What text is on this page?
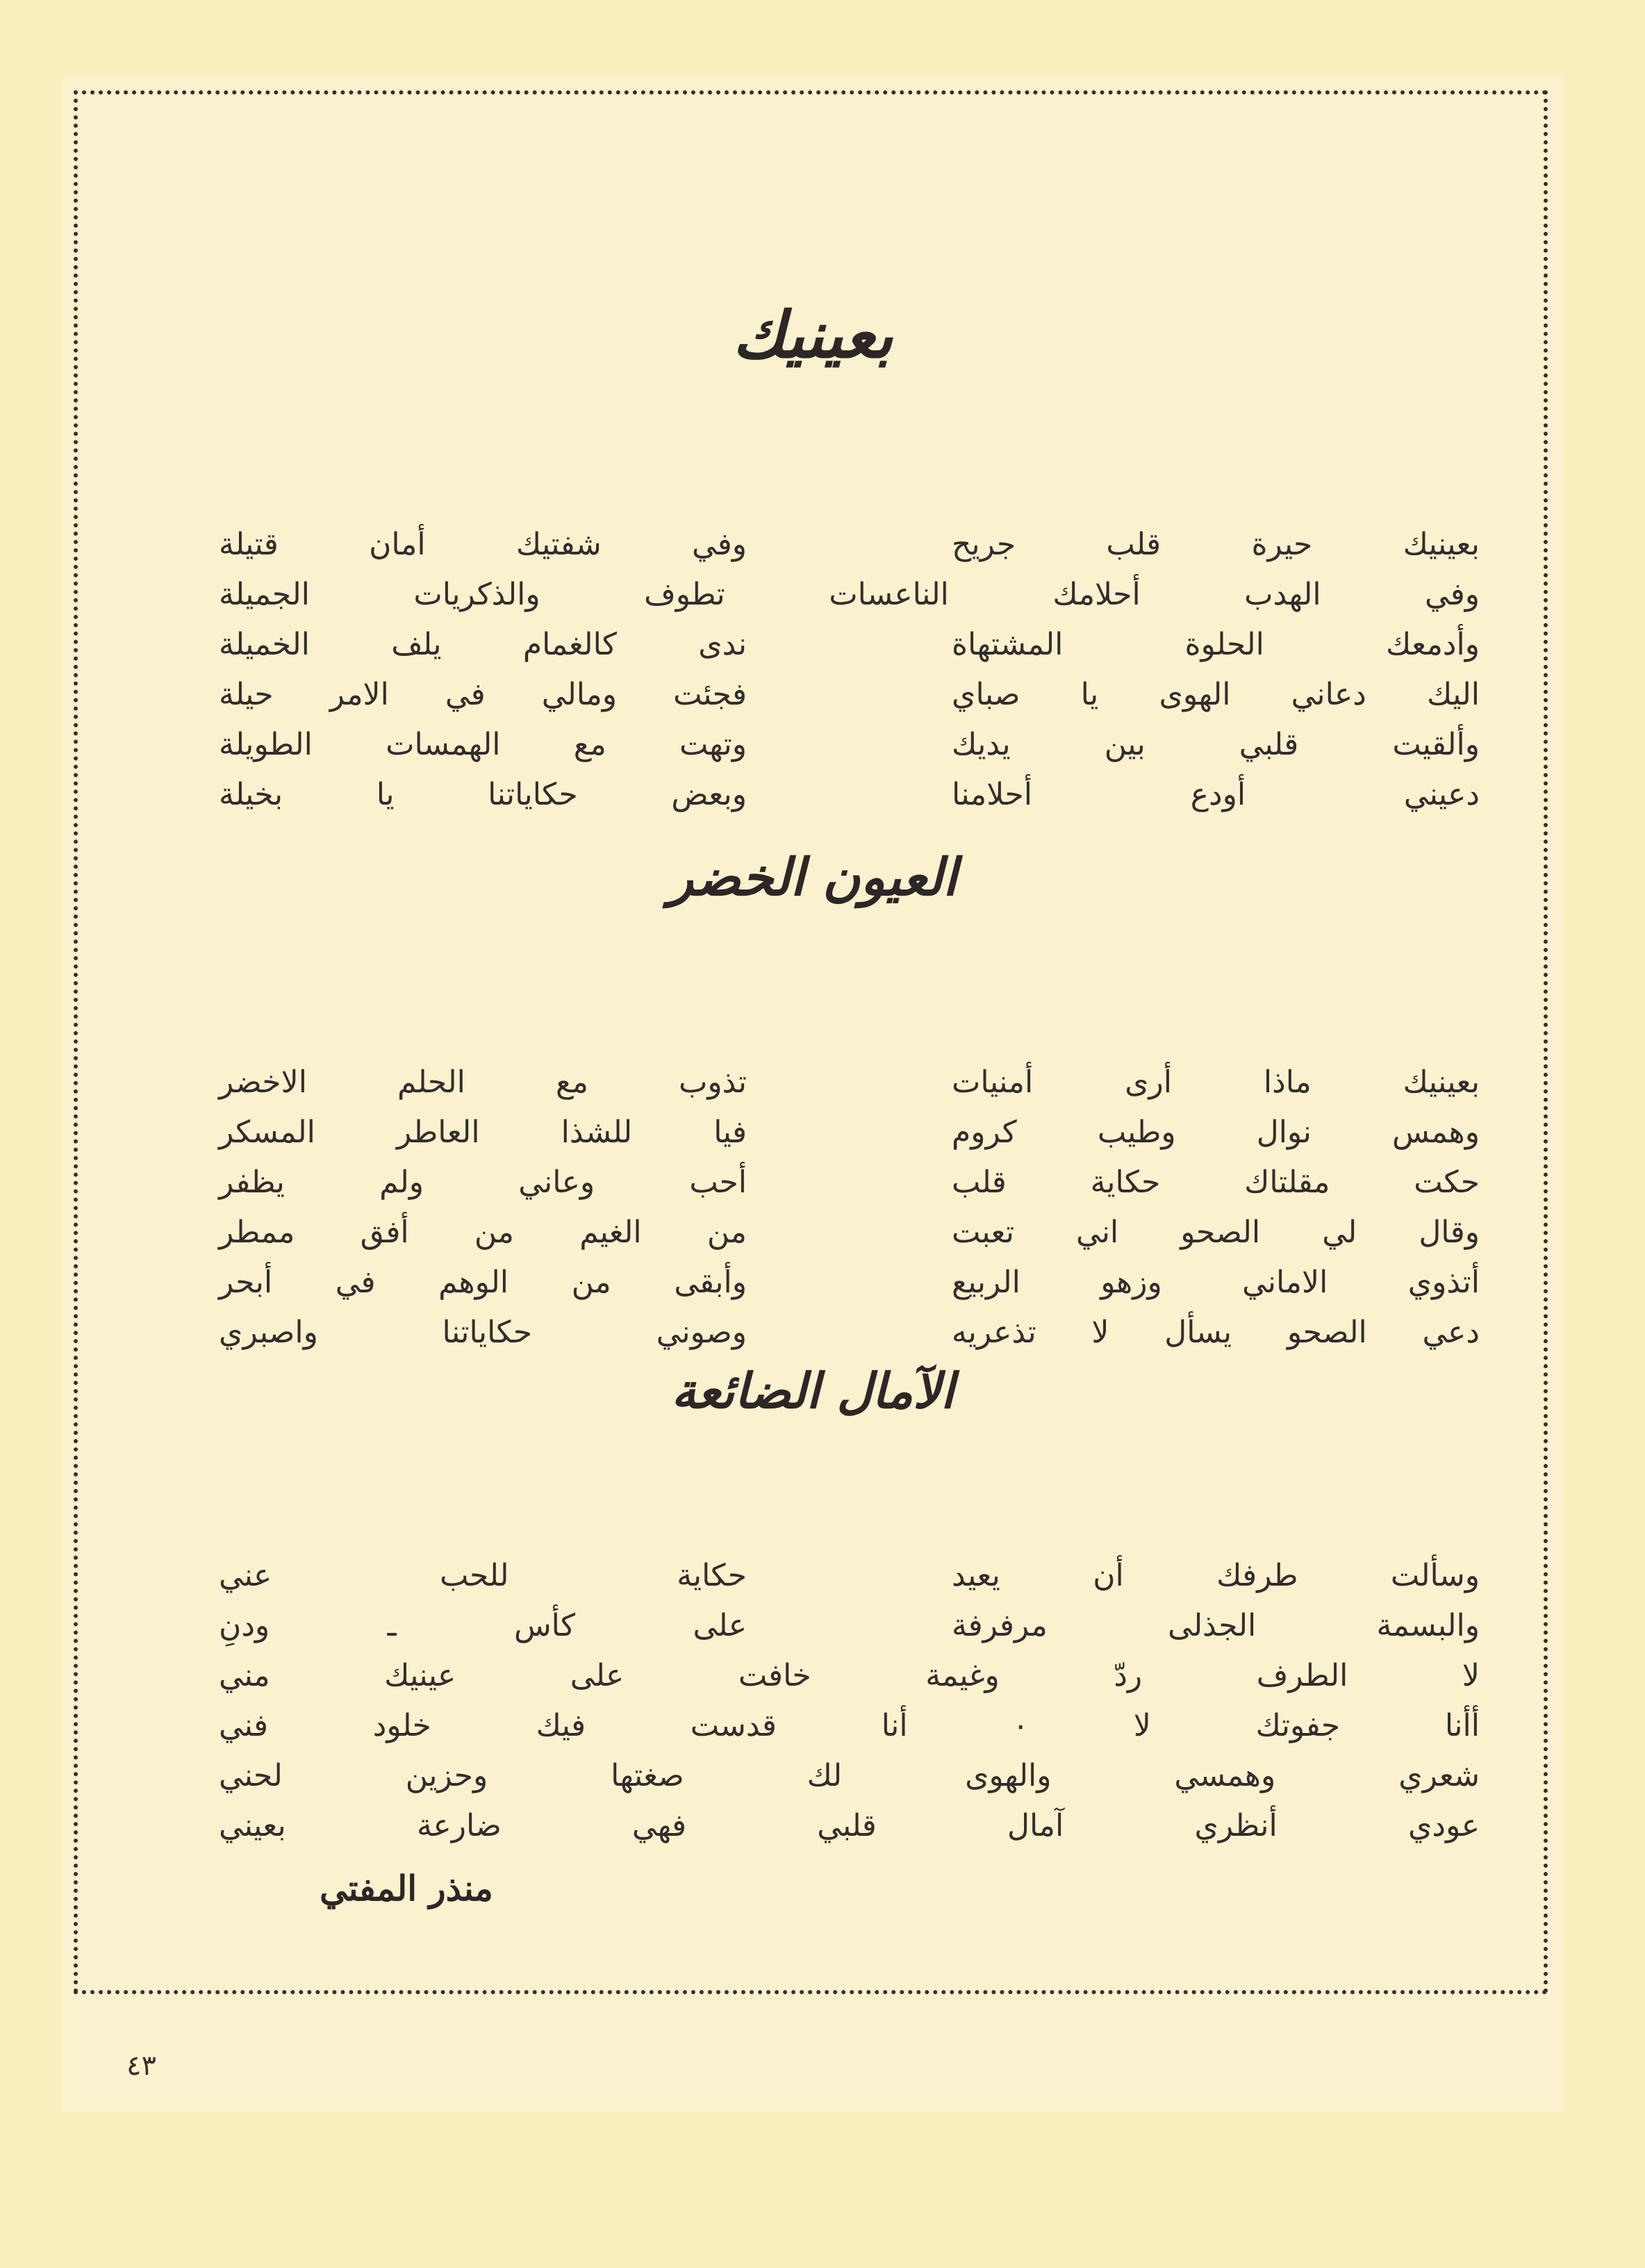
بعينيك
بعينيك حيرة قلب جريح
وفي شفتيك أمان قتيلة
وفي الهدب أحلامك الناعسات تطوف والذكريات الجميلة
وأدمعك الحلوة المشتهاة
ندى كالغمام يلف الخميلة
اليك دعاني الهوى يا صباي
فجئت ومالي في الامر حيلة
وألقيت قلبي بين يديك
وتهت مع الهمسات الطويلة
دعيني أودع أحلامنا
وبعض حكاياتنا يا بخيلة
العيون الخضر
بعينيك ماذا أرى أمنيات
تذوب مع الحلم الاخضر
وهمس نوال وطيب كروم
فيا للشذا العاطر المسكر
حكت مقلتاك حكاية قلب
أحب وعاني ولم يظفر
وقال لي الصحو اني تعبت
من الغيم من أفق ممطر
أتذوي الاماني وزهو الربيع
وأبقى من الوهم في أبحر
دعي الصحو يسأل لا تذعريه
وصوني حكاياتنا واصبري
الآمال الضائعة
وسألت طرفك أن يعيد
حكاية للحب عني
والبسمة الجذلى مرفرفة
على كأس ـ ودنِ
لا الطرف ردّ وغيمة خافت على عينيك مني
أأنا جفوتك لا ٠ أنا قدست فيك خلود فني
شعري وهمسي والهوى لك صغتها وحزين لحني
عودي أنظري آمال قلبي فهي ضارعة بعيني
منذر المفتي
٤٣
